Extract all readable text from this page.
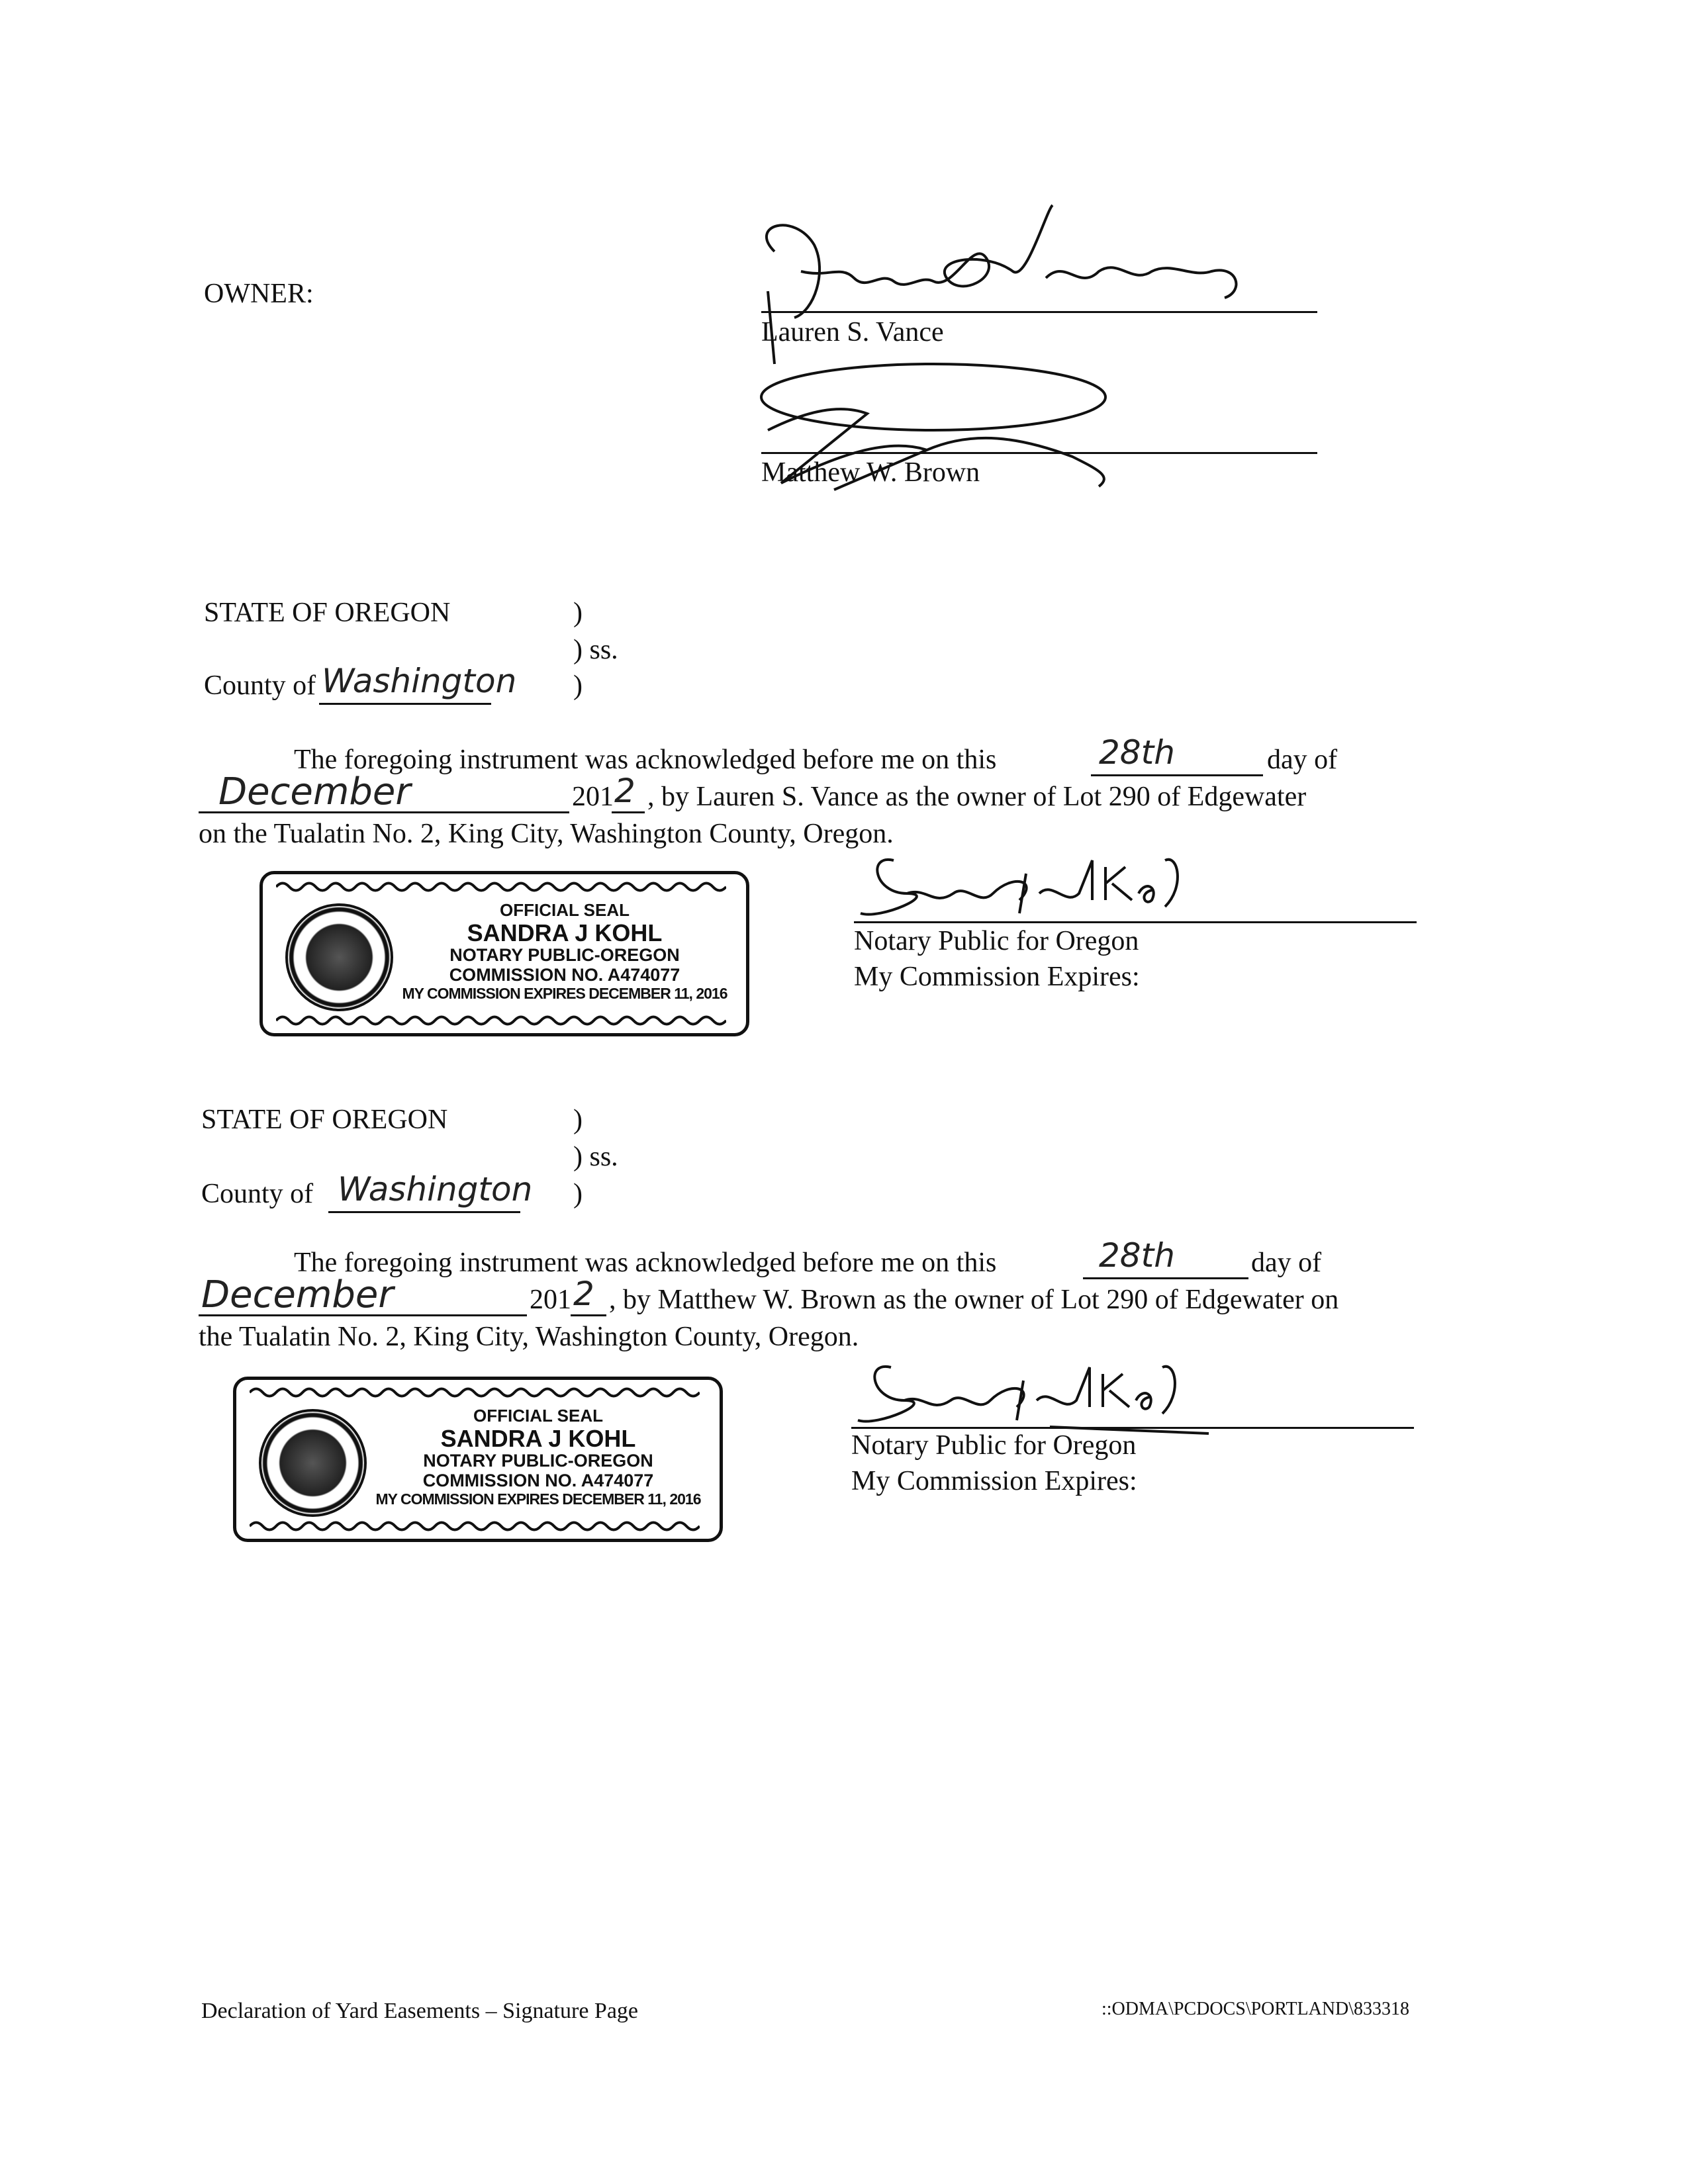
OWNER:
Lauren S. Vance
Matthew W. Brown
STATE OF OREGON	)
) ss.
)
County of Washington
The foregoing instrument was acknowledged before me on this	28th	day of
December	201 2 , by Lauren S. Vance as the owner of Lot 290 of Edgewater
on the Tualatin No. 2, King City, Washington County, Oregon.
OFFICIAL SEAL
SANDRA J KOHL
NOTARY PUBLIC-OREGON
COMMISSION NO. A474077
MY COMMISSION EXPIRES DECEMBER 11, 2016
Notary Public for Oregon
My Commission Expires:
STATE OF OREGON	)
) ss.
)
County of Washington
The foregoing instrument was acknowledged before me on this	28th	day of
December	201 2 , by Matthew W. Brown as the owner of Lot 290 of Edgewater on
the Tualatin No. 2, King City, Washington County, Oregon.
OFFICIAL SEAL
SANDRA J KOHL
NOTARY PUBLIC-OREGON
COMMISSION NO. A474077
MY COMMISSION EXPIRES DECEMBER 11, 2016
Notary Public for Oregon
My Commission Expires:
Declaration of Yard Easements – Signature Page	::ODMA\PCDOCS\PORTLAND\833318
